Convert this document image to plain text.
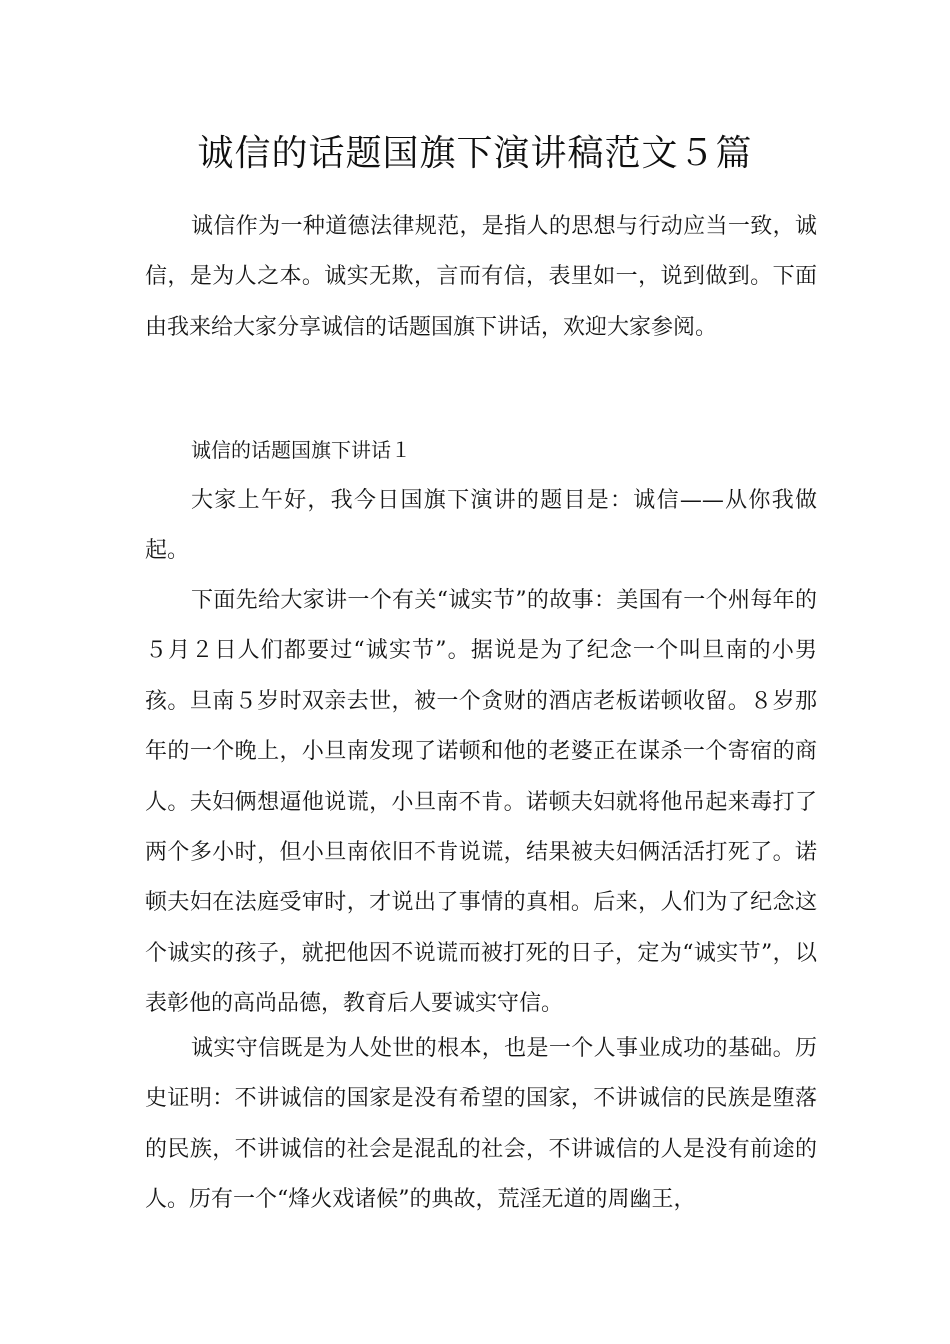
诚信的话题国旗下演讲稿范文５篇

诚信作为一种道德法律规范，是指人的思想与行动应当一致，诚信，是为人之本。诚实无欺，言而有信，表里如一，说到做到。下面由我来给大家分享诚信的话题国旗下讲话，欢迎大家参阅。

诚信的话题国旗下讲话１

大家上午好，我今日国旗下演讲的题目是：诚信——从你我做起。

下面先给大家讲一个有关“诚实节”的故事：美国有一个州每年的５月２日人们都要过“诚实节”。据说是为了纪念一个叫旦南的小男孩。旦南５岁时双亲去世，被一个贪财的酒店老板诺顿收留。８岁那年的一个晚上，小旦南发现了诺顿和他的老婆正在谋杀一个寄宿的商人。夫妇俩想逼他说谎，小旦南不肯。诺顿夫妇就将他吊起来毒打了两个多小时，但小旦南依旧不肯说谎，结果被夫妇俩活活打死了。诺顿夫妇在法庭受审时，才说出了事情的真相。后来，人们为了纪念这个诚实的孩子，就把他因不说谎而被打死的日子，定为“诚实节”，以表彰他的高尚品德，教育后人要诚实守信。

诚实守信既是为人处世的根本，也是一个人事业成功的基础。历史证明：不讲诚信的国家是没有希望的国家，不讲诚信的民族是堕落的民族，不讲诚信的社会是混乱的社会，不讲诚信的人是没有前途的人。历有一个“烽火戏诸候”的典故，荒淫无道的周幽王，
